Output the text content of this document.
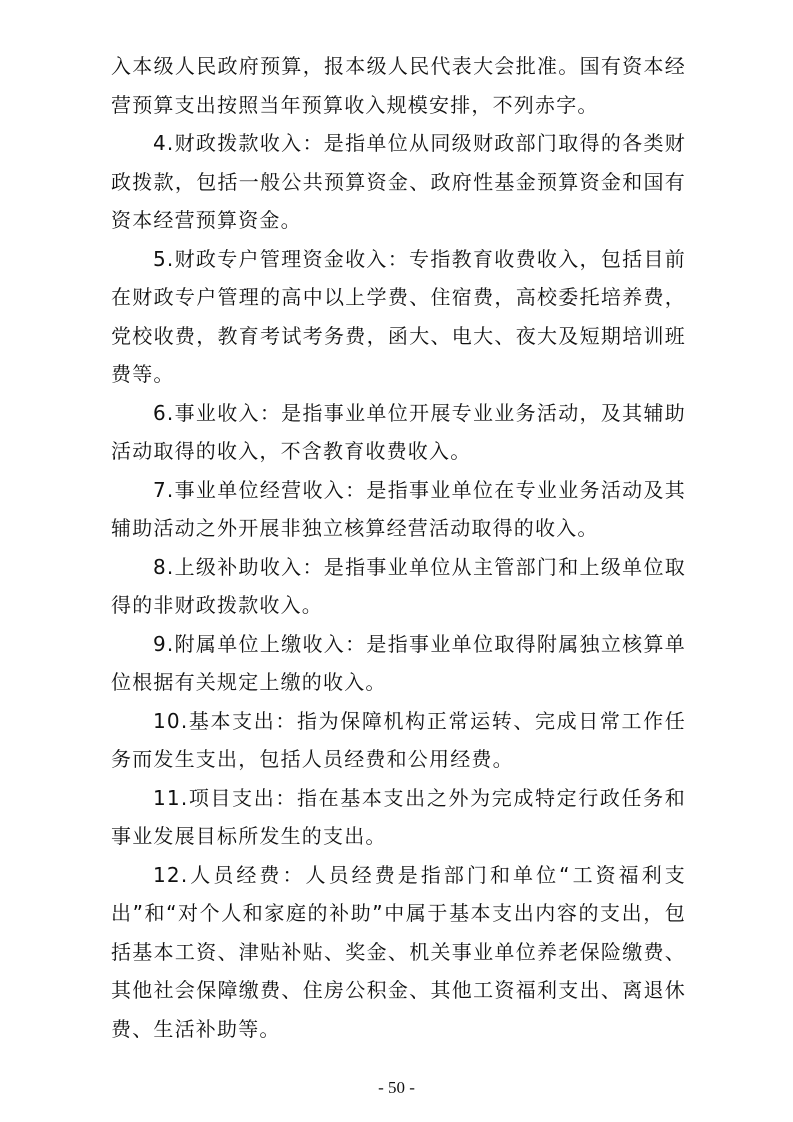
入本级人民政府预算，报本级人民代表大会批准。国有资本经营预算支出按照当年预算收入规模安排，不列赤字。

4.财政拨款收入：是指单位从同级财政部门取得的各类财政拨款，包括一般公共预算资金、政府性基金预算资金和国有资本经营预算资金。

5.财政专户管理资金收入：专指教育收费收入，包括目前在财政专户管理的高中以上学费、住宿费，高校委托培养费，党校收费，教育考试考务费，函大、电大、夜大及短期培训班费等。

6.事业收入：是指事业单位开展专业业务活动，及其辅助活动取得的收入，不含教育收费收入。

7.事业单位经营收入：是指事业单位在专业业务活动及其辅助活动之外开展非独立核算经营活动取得的收入。

8.上级补助收入：是指事业单位从主管部门和上级单位取得的非财政拨款收入。

9.附属单位上缴收入：是指事业单位取得附属独立核算单位根据有关规定上缴的收入。

10.基本支出：指为保障机构正常运转、完成日常工作任务而发生支出，包括人员经费和公用经费。

11.项目支出：指在基本支出之外为完成特定行政任务和事业发展目标所发生的支出。

12.人员经费：人员经费是指部门和单位“工资福利支出”和“对个人和家庭的补助”中属于基本支出内容的支出，包括基本工资、津贴补贴、奖金、机关事业单位养老保险缴费、其他社会保障缴费、住房公积金、其他工资福利支出、离退休费、生活补助等。

- 50 -
